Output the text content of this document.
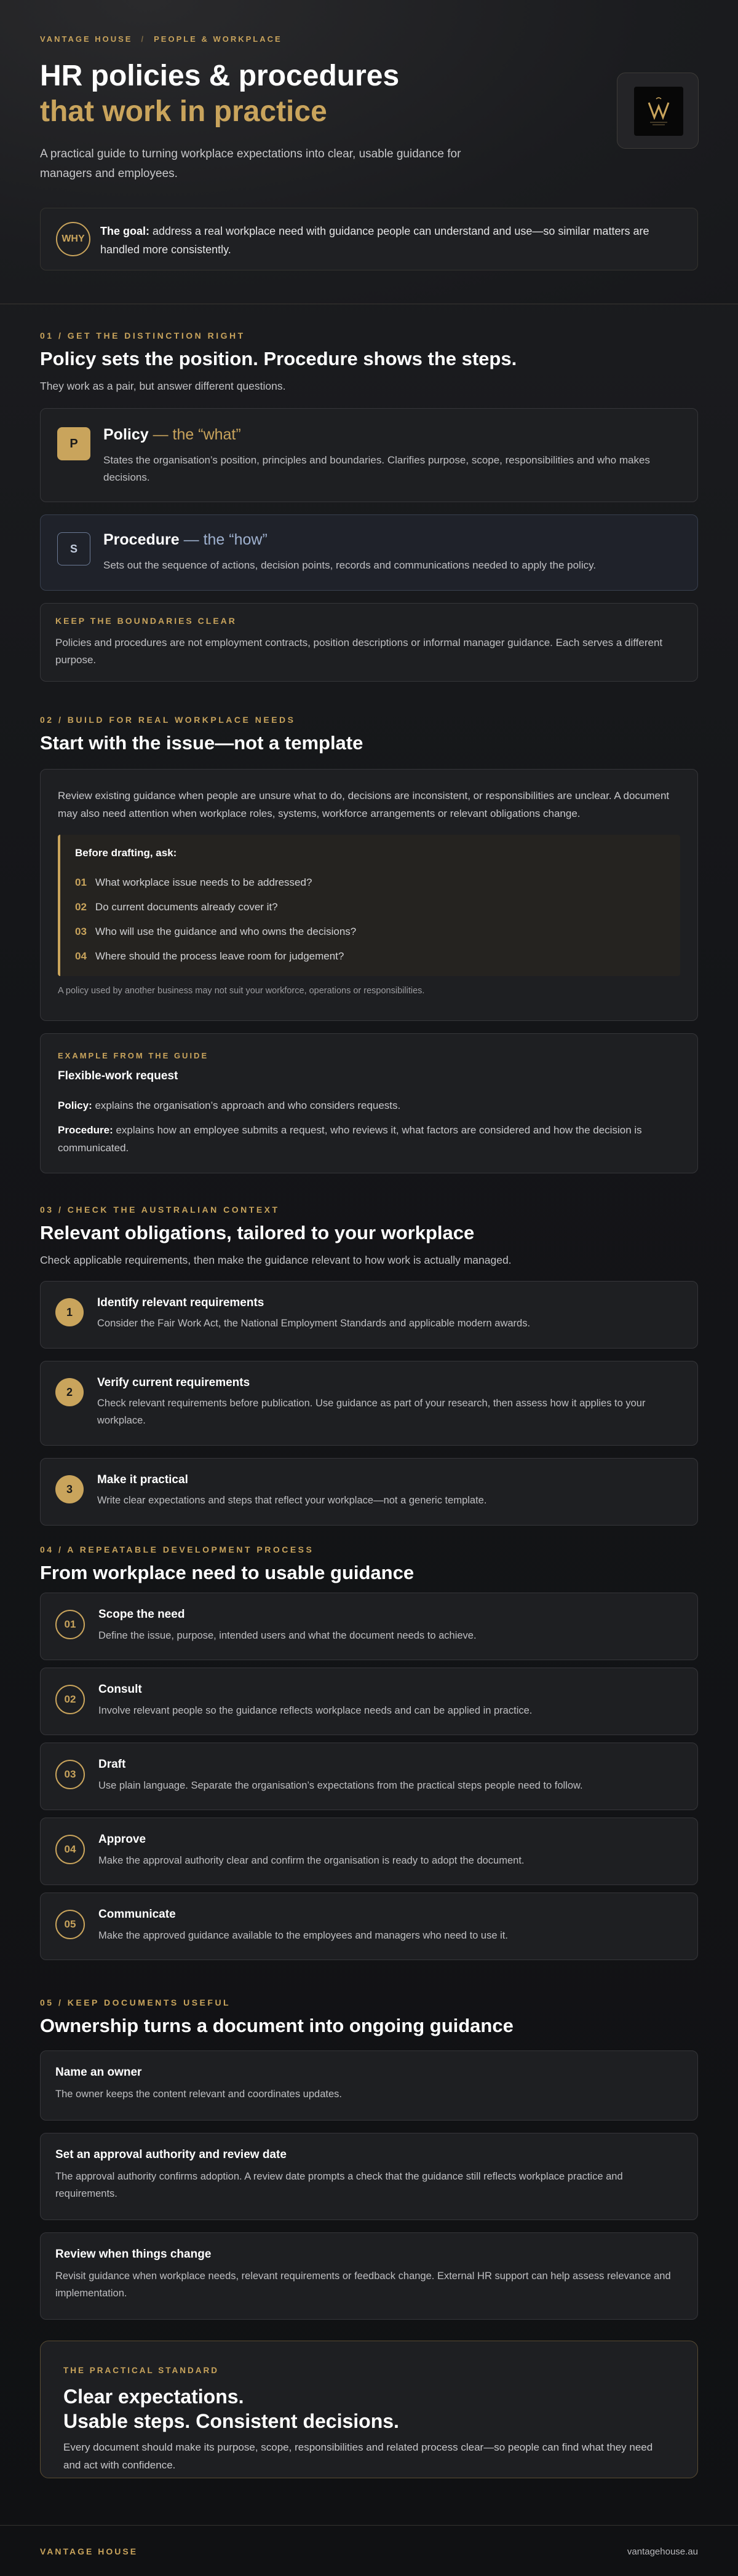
VANTAGE HOUSE / PEOPLE & WORKPLACE
HR policies & procedures
that work in practice

A practical guide to turning workplace expectations into clear, usable guidance for managers and employees.

WHY

The goal: address a real workplace need with guidance people can understand and use—so similar matters are handled more consistently.

01 / GET THE DISTINCTION RIGHT
Policy sets the position. Procedure shows the steps.

They work as a pair, but answer different questions.

P
Policy — the “what”

States the organisation’s position, principles and boundaries. Clarifies purpose, scope, responsibilities and who makes decisions.

S
Procedure — the “how”

Sets out the sequence of actions, decision points, records and communications needed to apply the policy.

KEEP THE BOUNDARIES CLEAR

Policies and procedures are not employment contracts, position descriptions or informal manager guidance. Each serves a different purpose.

02 / BUILD FOR REAL WORKPLACE NEEDS
Start with the issue—not a template

Review existing guidance when people are unsure what to do, decisions are inconsistent, or responsibilities are unclear. A document may also need attention when workplace roles, systems, workforce arrangements or relevant obligations change.

Before drafting, ask:
01 What workplace issue needs to be addressed?
02 Do current documents already cover it?
03 Who will use the guidance and who owns the decisions?
04 Where should the process leave room for judgement?

A policy used by another business may not suit your workforce, operations or responsibilities.

EXAMPLE FROM THE GUIDE
Flexible-work request

Policy: explains the organisation’s approach and who considers requests.

Procedure: explains how an employee submits a request, who reviews it, what factors are considered and how the decision is communicated.

03 / CHECK THE AUSTRALIAN CONTEXT
Relevant obligations, tailored to your workplace

Check applicable requirements, then make the guidance relevant to how work is actually managed.

1
Identify relevant requirements

Consider the Fair Work Act, the National Employment Standards and applicable modern awards.

2
Verify current requirements

Check relevant requirements before publication. Use guidance as part of your research, then assess how it applies to your workplace.

3
Make it practical

Write clear expectations and steps that reflect your workplace—not a generic template.

04 / A REPEATABLE DEVELOPMENT PROCESS
From workplace need to usable guidance
01
Scope the need

Define the issue, purpose, intended users and what the document needs to achieve.

02
Consult

Involve relevant people so the guidance reflects workplace needs and can be applied in practice.

03
Draft

Use plain language. Separate the organisation’s expectations from the practical steps people need to follow.

04
Approve

Make the approval authority clear and confirm the organisation is ready to adopt the document.

05
Communicate

Make the approved guidance available to the employees and managers who need to use it.

05 / KEEP DOCUMENTS USEFUL
Ownership turns a document into ongoing guidance
Name an owner

The owner keeps the content relevant and coordinates updates.

Set an approval authority and review date

The approval authority confirms adoption. A review date prompts a check that the guidance still reflects workplace practice and requirements.

Review when things change

Revisit guidance when workplace needs, relevant requirements or feedback change. External HR support can help assess relevance and implementation.

THE PRACTICAL STANDARD
Clear expectations.
Usable steps. Consistent decisions.

Every document should make its purpose, scope, responsibilities and related process clear—so people can find what they need and act with confidence.

VANTAGE HOUSE	vantagehouse.au
